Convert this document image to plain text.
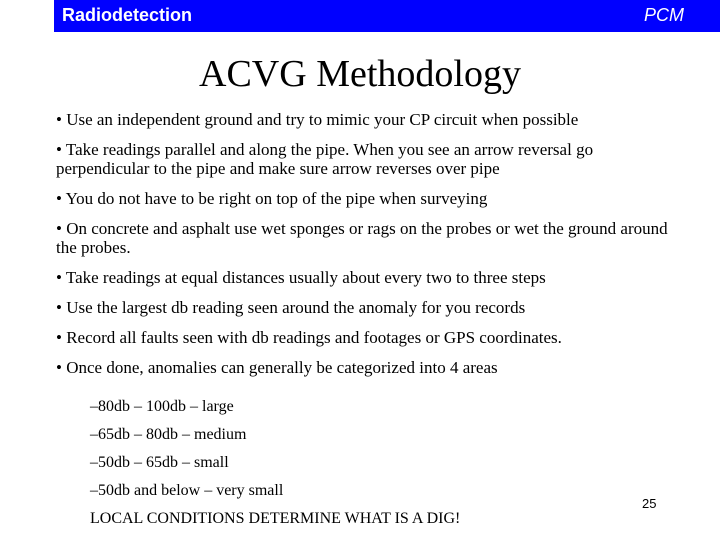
Radiodetection	PCM
ACVG Methodology
• Use an independent ground and try to mimic your CP circuit when possible
• Take readings parallel and along the pipe. When you see an arrow reversal go perpendicular to the pipe and make sure arrow reverses over pipe
• You do not have to be right on top of the pipe when surveying
• On concrete and asphalt use wet sponges or rags on the probes or wet the ground around the probes.
• Take readings at equal distances usually about every two to three steps
• Use the largest db reading seen around the anomaly for you records
• Record all faults seen with db readings and footages or GPS coordinates.
• Once done, anomalies can generally be categorized into 4 areas
–80db – 100db – large
–65db – 80db – medium
–50db – 65db – small
–50db and below – very small
LOCAL CONDITIONS DETERMINE WHAT IS A DIG!
25
